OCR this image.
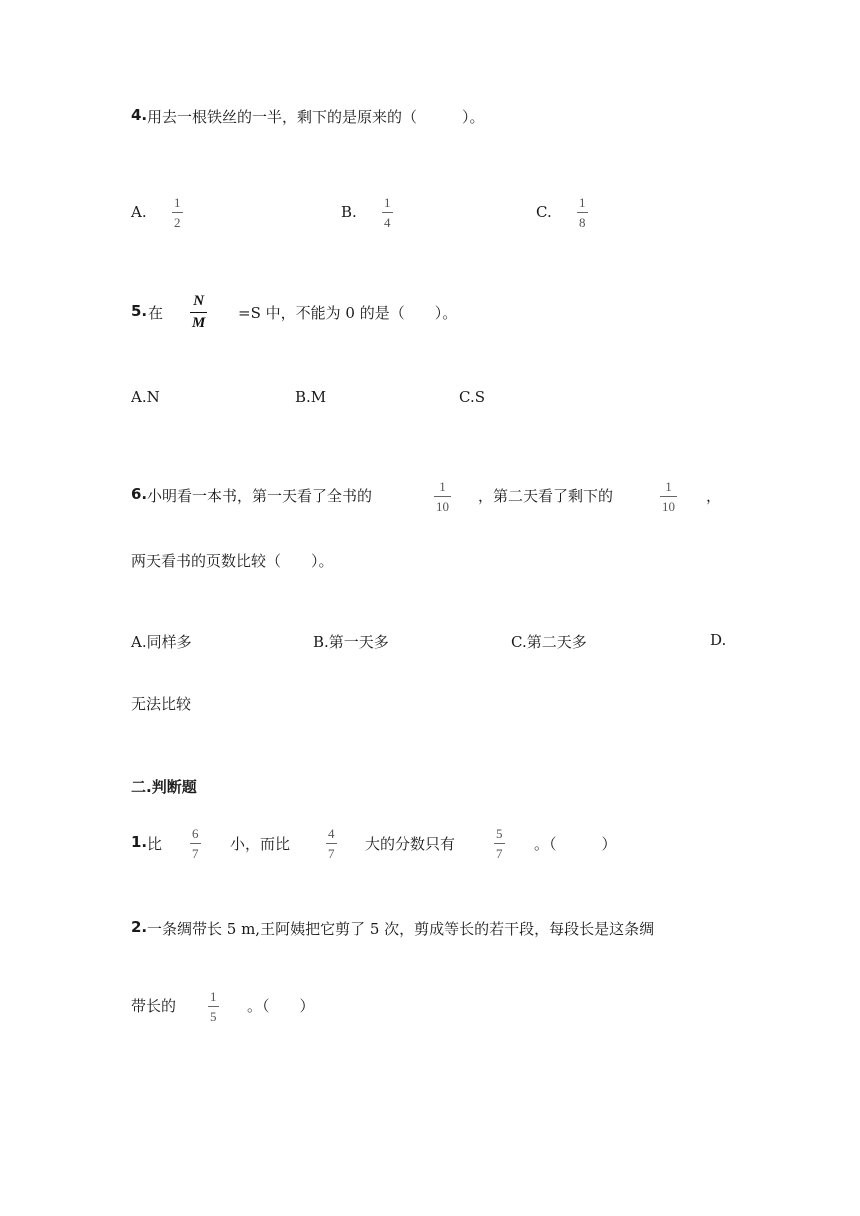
4. 用去一根铁丝的一半，剩下的是原来的（　　　）。
A.
1
2
B.
1
4
C.
1
8
5. 在
N
M
=S 中，不能为 0 的是（　　）。
A.N	B.M	C.S
6. 小明看一本书，第一天看了全书的
1
10
，第二天看了剩下的
1
10
，
两天看书的页数比较（　　）。
A.同样多	B.第一天多	C.第二天多	D.
无法比较
二.判断题
1. 比
6
7
小，而比
4
7
大的分数只有
5
7
。（　　　）
2. 一条绸带长 5 m,王阿姨把它剪了 5 次，剪成等长的若干段，每段长是这条绸
带长的
1
5
。（　　）
